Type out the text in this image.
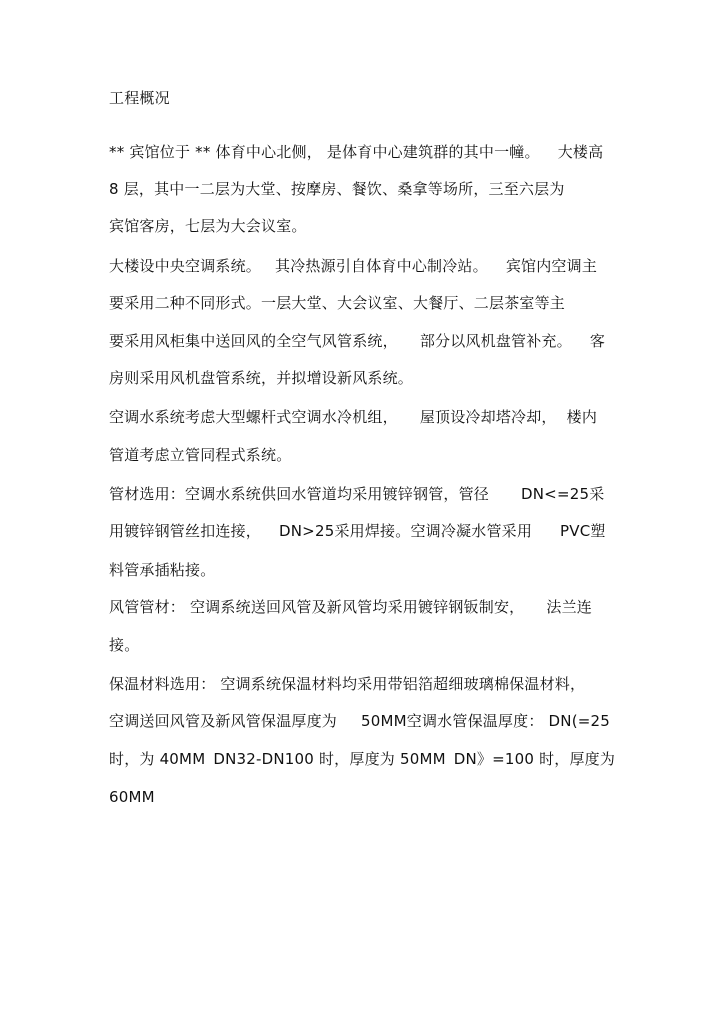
工程概况
** 宾馆位于 ** 体育中心北侧， 是体育中心建筑群的其中一幢。 大楼高
8 层，其中一二层为大堂、按摩房、餐饮、桑拿等场所，三至六层为
宾馆客房，七层为大会议室。
大楼设中央空调系统。 其冷热源引自体育中心制冷站。 宾馆内空调主
要采用二种不同形式。一层大堂、大会议室、大餐厅、二层茶室等主
要采用风柜集中送回风的全空气风管系统， 部分以风机盘管补充。 客
房则采用风机盘管系统，并拟增设新风系统。
空调水系统考虑大型螺杆式空调水冷机组， 屋顶设冷却塔冷却， 楼内
管道考虑立管同程式系统。
管材选用：空调水系统供回水管道均采用镀锌钢管，管径 DN<=25采
用镀锌钢管丝扣连接， DN>25采用焊接。空调冷凝水管采用 PVC塑
料管承插粘接。
风管管材： 空调系统送回风管及新风管均采用镀锌钢钣制安， 法兰连
接。
保温材料选用： 空调系统保温材料均采用带铝箔超细玻璃棉保温材料，
空调送回风管及新风管保温厚度为 50MM空调水管保温厚度： DN(=25
时，为 40MM DN32-DN100 时，厚度为 50MM DN》=100 时，厚度为
60MM
